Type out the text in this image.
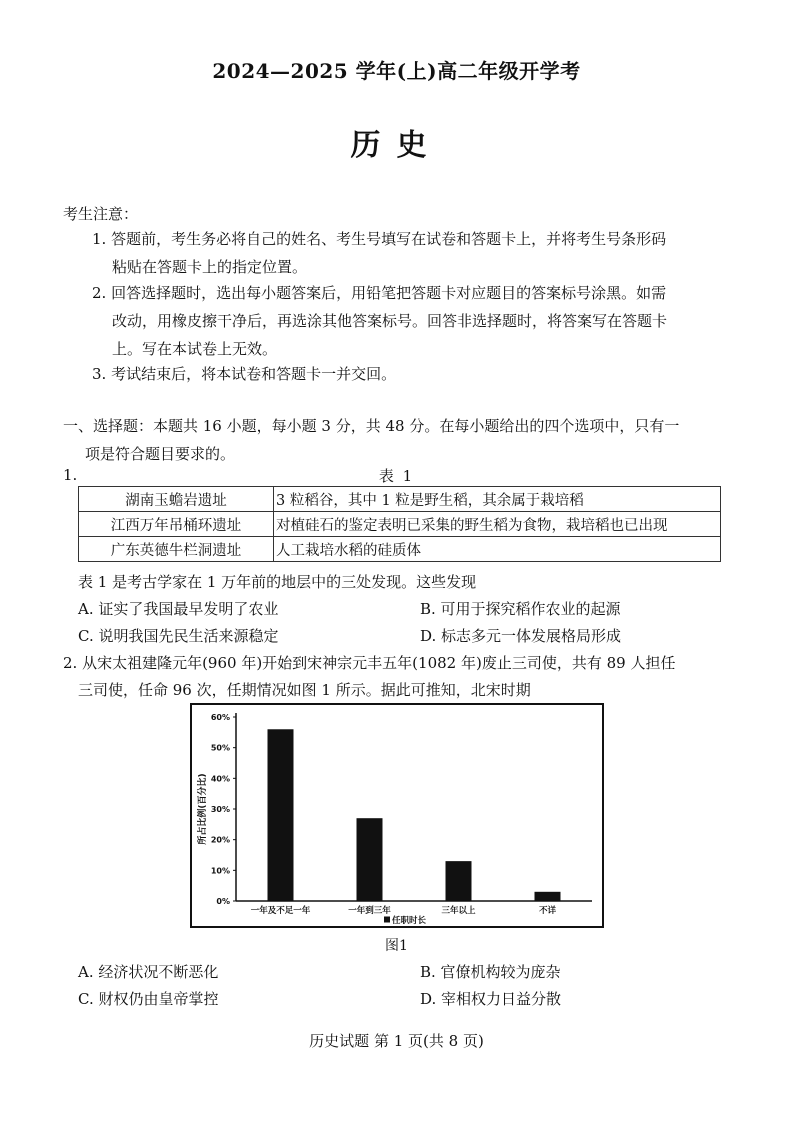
2024—2025 学年(上)高二年级开学考
历史
考生注意：
1. 答题前，考生务必将自己的姓名、考生号填写在试卷和答题卡上，并将考生号条形码
粘贴在答题卡上的指定位置。
2. 回答选择题时，选出每小题答案后，用铅笔把答题卡对应题目的答案标号涂黑。如需
改动，用橡皮擦干净后，再选涂其他答案标号。回答非选择题时，将答案写在答题卡
上。写在本试卷上无效。
3. 考试结束后，将本试卷和答题卡一并交回。
一、选择题：本题共 16 小题，每小题 3 分，共 48 分。在每小题给出的四个选项中，只有一
项是符合题目要求的。
1.	表 1
湖南玉蟾岩遗址	3 粒稻谷，其中 1 粒是野生稻，其余属于栽培稻
江西万年吊桶环遗址	对植硅石的鉴定表明已采集的野生稻为食物，栽培稻也已出现
广东英德牛栏洞遗址	人工栽培水稻的硅质体
表 1 是考古学家在 1 万年前的地层中的三处发现。这些发现
A. 证实了我国最早发明了农业	B. 可用于探究稻作农业的起源
C. 说明我国先民生活来源稳定	D. 标志多元一体发展格局形成
2. 从宋太祖建隆元年(960 年)开始到宋神宗元丰五年(1082 年)废止三司使，共有 89 人担任
三司使，任命 96 次，任期情况如图 1 所示。据此可推知，北宋时期
0%
10%
20%
30%
40%
50%
60%
所占比例(百分比)
一年及不足一年	一年到三年	三年以上	不详
任职时长
图1
A. 经济状况不断恶化	B. 官僚机构较为庞杂
C. 财权仍由皇帝掌控	D. 宰相权力日益分散
历史试题 第 1 页(共 8 页)
